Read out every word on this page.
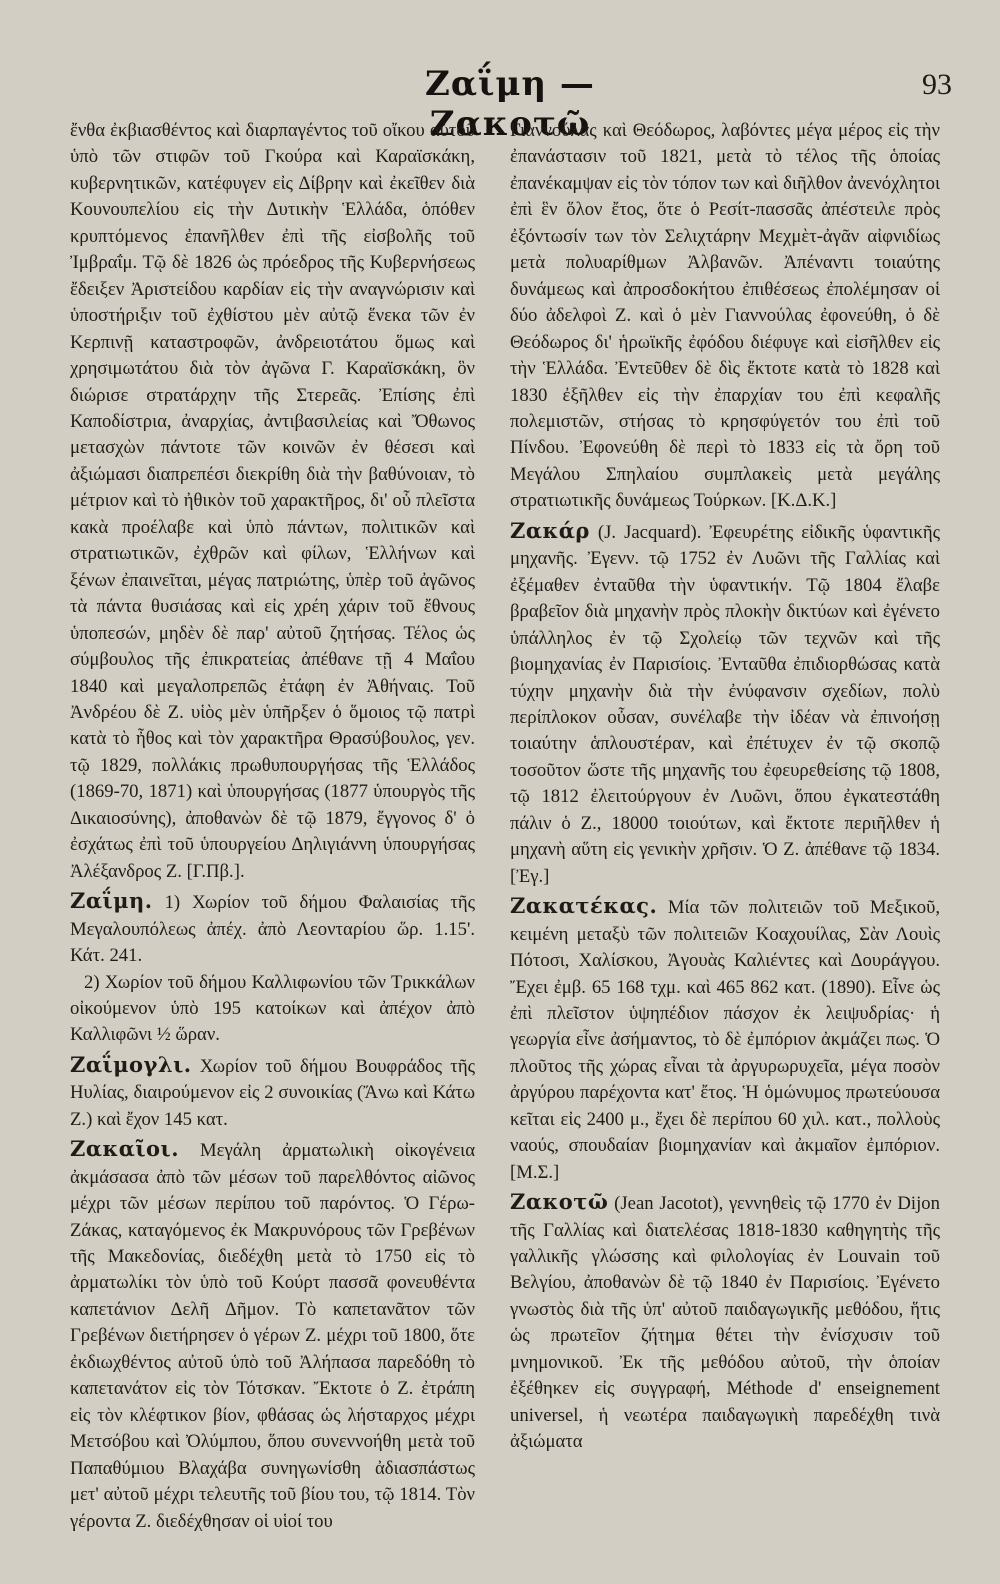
Ζαΐμη — Ζακοτῶ
93

ἔνθα ἐκβιασθέντος καὶ διαρπαγέντος τοῦ οἴκου αὐτοῦ ὑπὸ τῶν στιφῶν τοῦ Γκούρα καὶ Καραϊσκάκη, κυβερνητικῶν, κατέφυγεν εἰς Δίβρην καὶ ἐκεῖθεν διὰ Κουνουπελίου εἰς τὴν Δυτικὴν Ἑλλάδα, ὁπόθεν κρυπτόμενος ἐπανῆλθεν ἐπὶ τῆς εἰσβολῆς τοῦ Ἰμβραΐμ. Τῷ δὲ 1826 ὡς πρόεδρος τῆς Κυβερνήσεως ἔδειξεν Ἀριστείδου καρδίαν εἰς τὴν αναγνώρισιν καὶ ὑποστήριξιν τοῦ ἐχθίστου μὲν αὐτῷ ἕνεκα τῶν ἐν Κερπινῇ καταστροφῶν, ἀνδρειοτάτου ὅμως καὶ χρησιμωτάτου διὰ τὸν ἀγῶνα Γ. Καραϊσκάκη, ὃν διώρισε στρατάρχην τῆς Στερεᾶς. Ἐπίσης ἐπὶ Καποδίστρια, ἀναρχίας, ἀντιβασιλείας καὶ Ὄθωνος μετασχὼν πάντοτε τῶν κοινῶν ἐν θέσεσι καὶ ἀξιώμασι διαπρεπέσι διεκρίθη διὰ τὴν βαθύνοιαν, τὸ μέτριον καὶ τὸ ἠθικὸν τοῦ χαρακτῆρος, δι' οὗ πλεῖστα κακὰ προέλαβε καὶ ὑπὸ πάντων, πολιτικῶν καὶ στρατιωτικῶν, ἐχθρῶν καὶ φίλων, Ἑλλήνων καὶ ξένων ἐπαινεῖται, μέγας πατριώτης, ὑπὲρ τοῦ ἀγῶνος τὰ πάντα θυσιάσας καὶ εἰς χρέη χάριν τοῦ ἔθνους ὑποπεσών, μηδὲν δὲ παρ' αὐτοῦ ζητήσας. Τέλος ὡς σύμβουλος τῆς ἐπικρατείας ἀπέθανε τῇ 4 Μαΐου 1840 καὶ μεγαλοπρεπῶς ἐτάφη ἐν Ἀθήναις. Τοῦ Ἀνδρέου δὲ Ζ. υἱὸς μὲν ὑπῆρξεν ὁ ὅμοιος τῷ πατρὶ κατὰ τὸ ἦθος καὶ τὸν χαρακτῆρα Θρασύβουλος, γεν. τῷ 1829, πολλάκις πρωθυπουργήσας τῆς Ἑλλάδος (1869-70, 1871) καὶ ὑπουργήσας (1877 ὑπουργὸς τῆς Δικαιοσύνης), ἀποθανὼν δὲ τῷ 1879, ἔγγονος δ' ὁ ἐσχάτως ἐπὶ τοῦ ὑπουργείου Δηλιγιάννη ὑπουργήσας Ἀλέξανδρος Ζ. [Γ.Πβ.].

Ζαΐμη. 1) Χωρίον τοῦ δήμου Φαλαισίας τῆς Μεγαλουπόλεως ἀπέχ. ἀπὸ Λεονταρίου ὥρ. 1.15'. Κάτ. 241.

2) Χωρίον τοῦ δήμου Καλλιφωνίου τῶν Τρικκάλων οἰκούμενον ὑπὸ 195 κατοίκων καὶ ἀπέχον ἀπὸ Καλλιφῶνι ½ ὥραν.

Ζαΐμογλι. Χωρίον τοῦ δήμου Βουφράδος τῆς Ηυλίας, διαιρούμενον εἰς 2 συνοικίας (Ἄνω καὶ Κάτω Ζ.) καὶ ἔχον 145 κατ.

Ζακαῖοι. Μεγάλη ἀρματωλικὴ οἰκογένεια ἀκμάσασα ἀπὸ τῶν μέσων τοῦ παρελθόντος αἰῶνος μέχρι τῶν μέσων περίπου τοῦ παρόντος. Ὁ Γέρω-Ζάκας, καταγόμενος ἐκ Μακρυνόρους τῶν Γρεβένων τῆς Μακεδονίας, διεδέχθη μετὰ τὸ 1750 εἰς τὸ ἀρματωλίκι τὸν ὑπὸ τοῦ Κούρτ πασσᾶ φονευθέντα καπετάνιον Δελῆ Δῆμον. Τὸ καπετανᾶτον τῶν Γρεβένων διετήρησεν ὁ γέρων Ζ. μέχρι τοῦ 1800, ὅτε ἐκδιωχθέντος αὐτοῦ ὑπὸ τοῦ Ἀλήπασα παρεδόθη τὸ καπετανάτον εἰς τὸν Τότσκαν. Ἔκτοτε ὁ Ζ. ἐτράπη εἰς τὸν κλέφτικον βίον, φθάσας ὡς λήσταρχος μέχρι Μετσόβου καὶ Ὀλύμπου, ὅπου συνεννοήθη μετὰ τοῦ Παπαθύμιου Βλαχάβα συνηγωνίσθη ἀδιασπάστως μετ' αὐτοῦ μέχρι τελευτῆς τοῦ βίου του, τῷ 1814. Τὸν γέροντα Ζ. διεδέχθησαν οἱ υἱοί του

Γιαννούλας καὶ Θεόδωρος, λαβόντες μέγα μέρος εἰς τὴν ἐπανάστασιν τοῦ 1821, μετὰ τὸ τέλος τῆς ὁποίας ἐπανέκαμψαν εἰς τὸν τόπον των καὶ διῆλθον ἀνενόχλητοι ἐπὶ ἓν ὅλον ἔτος, ὅτε ὁ Ρεσίτ-πασσᾶς ἀπέστειλε πρὸς ἐξόντωσίν των τὸν Σελιχτάρην Μεχμὲτ-ἀγᾶν αἰφνιδίως μετὰ πολυαρίθμων Ἀλβανῶν. Ἀπέναντι τοιαύτης δυνάμεως καὶ ἀπροσδοκήτου ἐπιθέσεως ἐπολέμησαν οἱ δύο ἀδελφοὶ Ζ. καὶ ὁ μὲν Γιαννούλας ἐφονεύθη, ὁ δὲ Θεόδωρος δι' ἡρωϊκῆς ἐφόδου διέφυγε καὶ εἰσῆλθεν εἰς τὴν Ἑλλάδα. Ἐντεῦθεν δὲ δὶς ἔκτοτε κατὰ τὸ 1828 καὶ 1830 ἐξῆλθεν εἰς τὴν ἐπαρχίαν του ἐπὶ κεφαλῆς πολεμιστῶν, στήσας τὸ κρησφύγετόν του ἐπὶ τοῦ Πίνδου. Ἐφονεύθη δὲ περὶ τὸ 1833 εἰς τὰ ὄρη τοῦ Μεγάλου Σπηλαίου συμπλακεὶς μετὰ μεγάλης στρατιωτικῆς δυνάμεως Τούρκων. [Κ.Δ.Κ.]

Ζακάρ (J. Jacquard). Ἐφευρέτης εἰδικῆς ὑφαντικῆς μηχανῆς. Ἐγενν. τῷ 1752 ἐν Λυῶνι τῆς Γαλλίας καὶ ἐξέμαθεν ἐνταῦθα τὴν ὑφαντικήν. Τῷ 1804 ἔλαβε βραβεῖον διὰ μηχανὴν πρὸς πλοκὴν δικτύων καὶ ἐγένετο ὑπάλληλος ἐν τῷ Σχολείῳ τῶν τεχνῶν καὶ τῆς βιομηχανίας ἐν Παρισίοις. Ἐνταῦθα ἐπιδιορθώσας κατὰ τύχην μηχανὴν διὰ τὴν ἐνύφανσιν σχεδίων, πολὺ περίπλοκον οὖσαν, συνέλαβε τὴν ἰδέαν νὰ ἐπινοήσῃ τοιαύτην ἁπλουστέραν, καὶ ἐπέτυχεν ἐν τῷ σκοπῷ τοσοῦτον ὥστε τῆς μηχανῆς του ἐφευρεθείσης τῷ 1808, τῷ 1812 ἐλειτούργουν ἐν Λυῶνι, ὅπου ἐγκατεστάθη πάλιν ὁ Ζ., 18000 τοιούτων, καὶ ἔκτοτε περιῆλθεν ἡ μηχανὴ αὕτη εἰς γενικὴν χρῆσιν. Ὁ Ζ. ἀπέθανε τῷ 1834. [Ἐγ.]

Ζακατέκας. Μία τῶν πολιτειῶν τοῦ Μεξικοῦ, κειμένη μεταξὺ τῶν πολιτειῶν Κοαχουίλας, Σὰν Λουὶς Πότοσι, Χαλίσκου, Ἀγουὰς Καλιέντες καὶ Δουράγγου. Ἔχει ἐμβ. 65 168 τχμ. καὶ 465 862 κατ. (1890). Εἶνε ὡς ἐπὶ πλεῖστον ὑψηπέδιον πάσχον ἐκ λειψυδρίας· ἡ γεωργία εἶνε ἀσήμαντος, τὸ δὲ ἐμπόριον ἀκμάζει πως. Ὁ πλοῦτος τῆς χώρας εἶναι τὰ ἀργυρωρυχεῖα, μέγα ποσὸν ἀργύρου παρέχοντα κατ' ἔτος. Ἡ ὁμώνυμος πρωτεύουσα κεῖται εἰς 2400 μ., ἔχει δὲ περίπου 60 χιλ. κατ., πολλοὺς ναούς, σπουδαίαν βιομηχανίαν καὶ ἀκμαῖον ἐμπόριον. [Μ.Σ.]

Ζακοτῶ (Jean Jacotot), γεννηθεὶς τῷ 1770 ἐν Dijon τῆς Γαλλίας καὶ διατελέσας 1818-1830 καθηγητὴς τῆς γαλλικῆς γλώσσης καὶ φιλολογίας ἐν Louvain τοῦ Βελγίου, ἀποθανὼν δὲ τῷ 1840 ἐν Παρισίοις. Ἐγένετο γνωστὸς διὰ τῆς ὑπ' αὐτοῦ παιδαγωγικῆς μεθόδου, ἥτις ὡς πρωτεῖον ζήτημα θέτει τὴν ἐνίσχυσιν τοῦ μνημονικοῦ. Ἐκ τῆς μεθόδου αὐτοῦ, τὴν ὁποίαν ἐξέθηκεν εἰς συγγραφή, Méthode d' enseignement universel, ἡ νεωτέρα παιδαγωγικὴ παρεδέχθη τινὰ ἀξιώματα
